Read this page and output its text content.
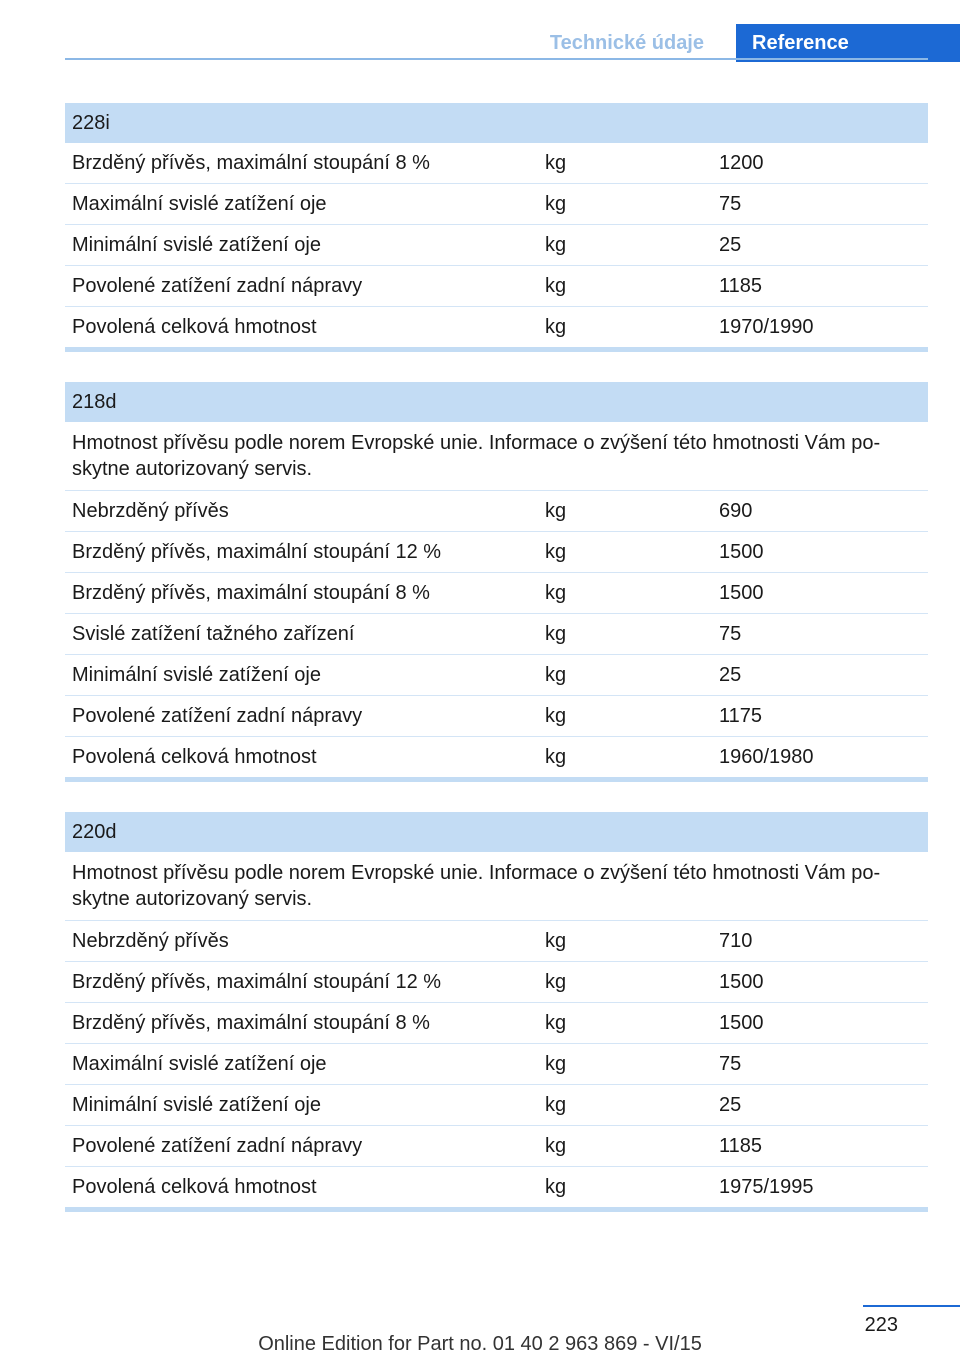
Technické údaje	Reference
228i
Brzděný přívěs, maximální stoupání 8 %	kg	1200
Maximální svislé zatížení oje	kg	75
Minimální svislé zatížení oje	kg	25
Povolené zatížení zadní nápravy	kg	1185
Povolená celková hmotnost	kg	1970/1990
218d
Hmotnost přívěsu podle norem Evropské unie. Informace o zvýšení této hmotnosti Vám po-skytne autorizovaný servis.
Nebrzděný přívěs	kg	690
Brzděný přívěs, maximální stoupání 12 %	kg	1500
Brzděný přívěs, maximální stoupání 8 %	kg	1500
Svislé zatížení tažného zařízení	kg	75
Minimální svislé zatížení oje	kg	25
Povolené zatížení zadní nápravy	kg	1175
Povolená celková hmotnost	kg	1960/1980
220d
Hmotnost přívěsu podle norem Evropské unie. Informace o zvýšení této hmotnosti Vám po-skytne autorizovaný servis.
Nebrzděný přívěs	kg	710
Brzděný přívěs, maximální stoupání 12 %	kg	1500
Brzděný přívěs, maximální stoupání 8 %	kg	1500
Maximální svislé zatížení oje	kg	75
Minimální svislé zatížení oje	kg	25
Povolené zatížení zadní nápravy	kg	1185
Povolená celková hmotnost	kg	1975/1995
223
Online Edition for Part no. 01 40 2 963 869 - VI/15
